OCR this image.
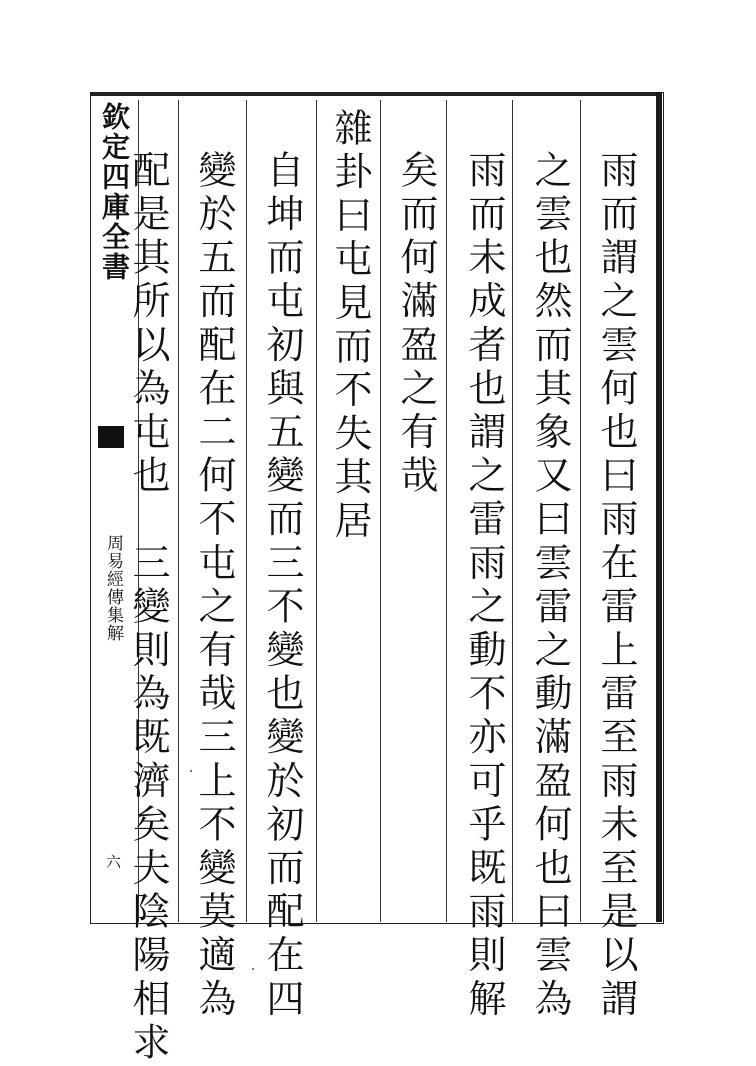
欽定四庫全書
周易經傳集解
六	雨而謂之雲何也曰雨在雷上雷至雨未至是以謂
之雲也然而其象又曰雲雷之動滿盈何也曰雲為
雨而未成者也謂之雷雨之動不亦可乎既雨則解
矣而何滿盈之有哉
雜卦曰屯見而不失其居
自坤而屯初與五變而三不變也變於初而配在四
變於五而配在二何不屯之有哉三上不變莫適為
配是其所以為屯也　三變則為既濟矣夫陰陽相求
